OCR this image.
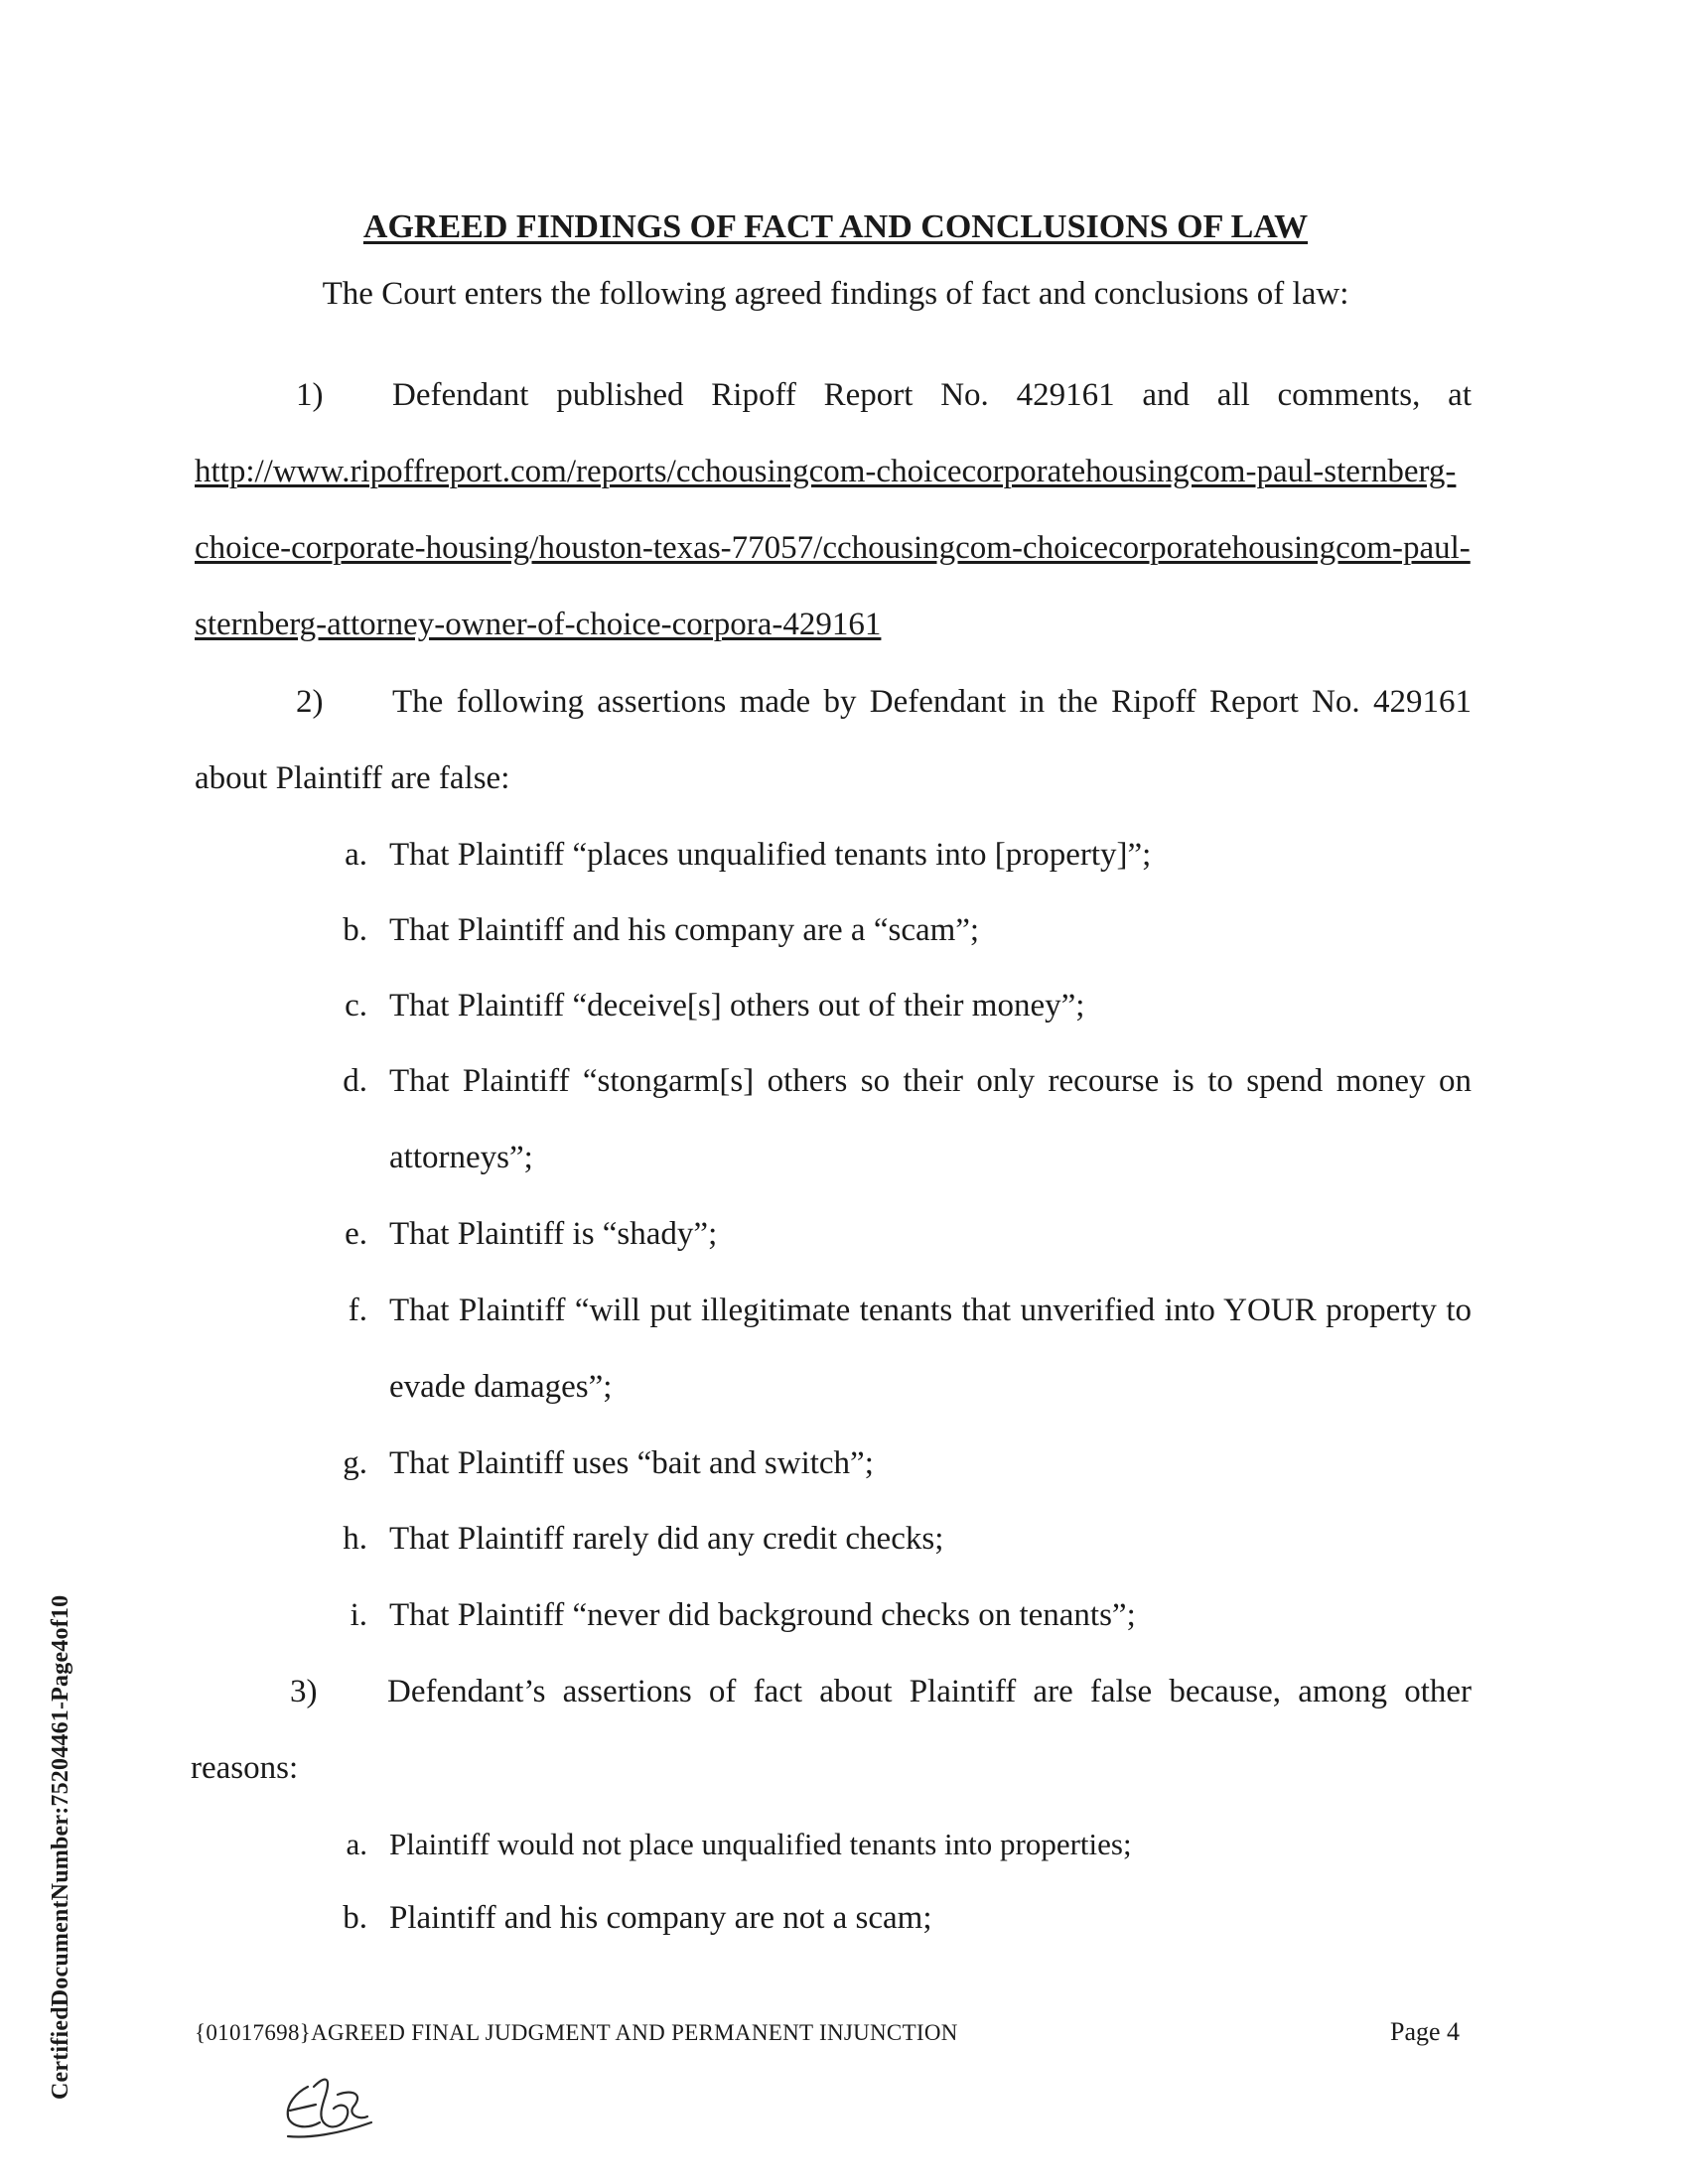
AGREED FINDINGS OF FACT AND CONCLUSIONS OF LAW
The Court enters the following agreed findings of fact and conclusions of law:
1) Defendant published Ripoff Report No. 429161 and all comments, at
http://www.ripoffreport.com/reports/cchousingcom-choicecorporatehousingcom-paul-sternberg-
choice-corporate-housing/houston-texas-77057/cchousingcom-choicecorporatehousingcom-paul-
sternberg-attorney-owner-of-choice-corpora-429161
2) The following assertions made by Defendant in the Ripoff Report No. 429161
about Plaintiff are false:
a. That Plaintiff “places unqualified tenants into [property]”;
b. That Plaintiff and his company are a “scam”;
c. That Plaintiff “deceive[s] others out of their money”;
d. That Plaintiff “stongarm[s] others so their only recourse is to spend money on
attorneys”;
e. That Plaintiff is “shady”;
f. That Plaintiff “will put illegitimate tenants that unverified into YOUR property to
evade damages”;
g. That Plaintiff uses “bait and switch”;
h. That Plaintiff rarely did any credit checks;
i. That Plaintiff “never did background checks on tenants”;
3) Defendant’s assertions of fact about Plaintiff are false because, among other
reasons:
a. Plaintiff would not place unqualified tenants into properties;
b. Plaintiff and his company are not a scam;
{01017698}AGREED FINAL JUDGMENT AND PERMANENT INJUNCTION	Page 4
CertifiedDocumentNumber:75204461-Page4of10
